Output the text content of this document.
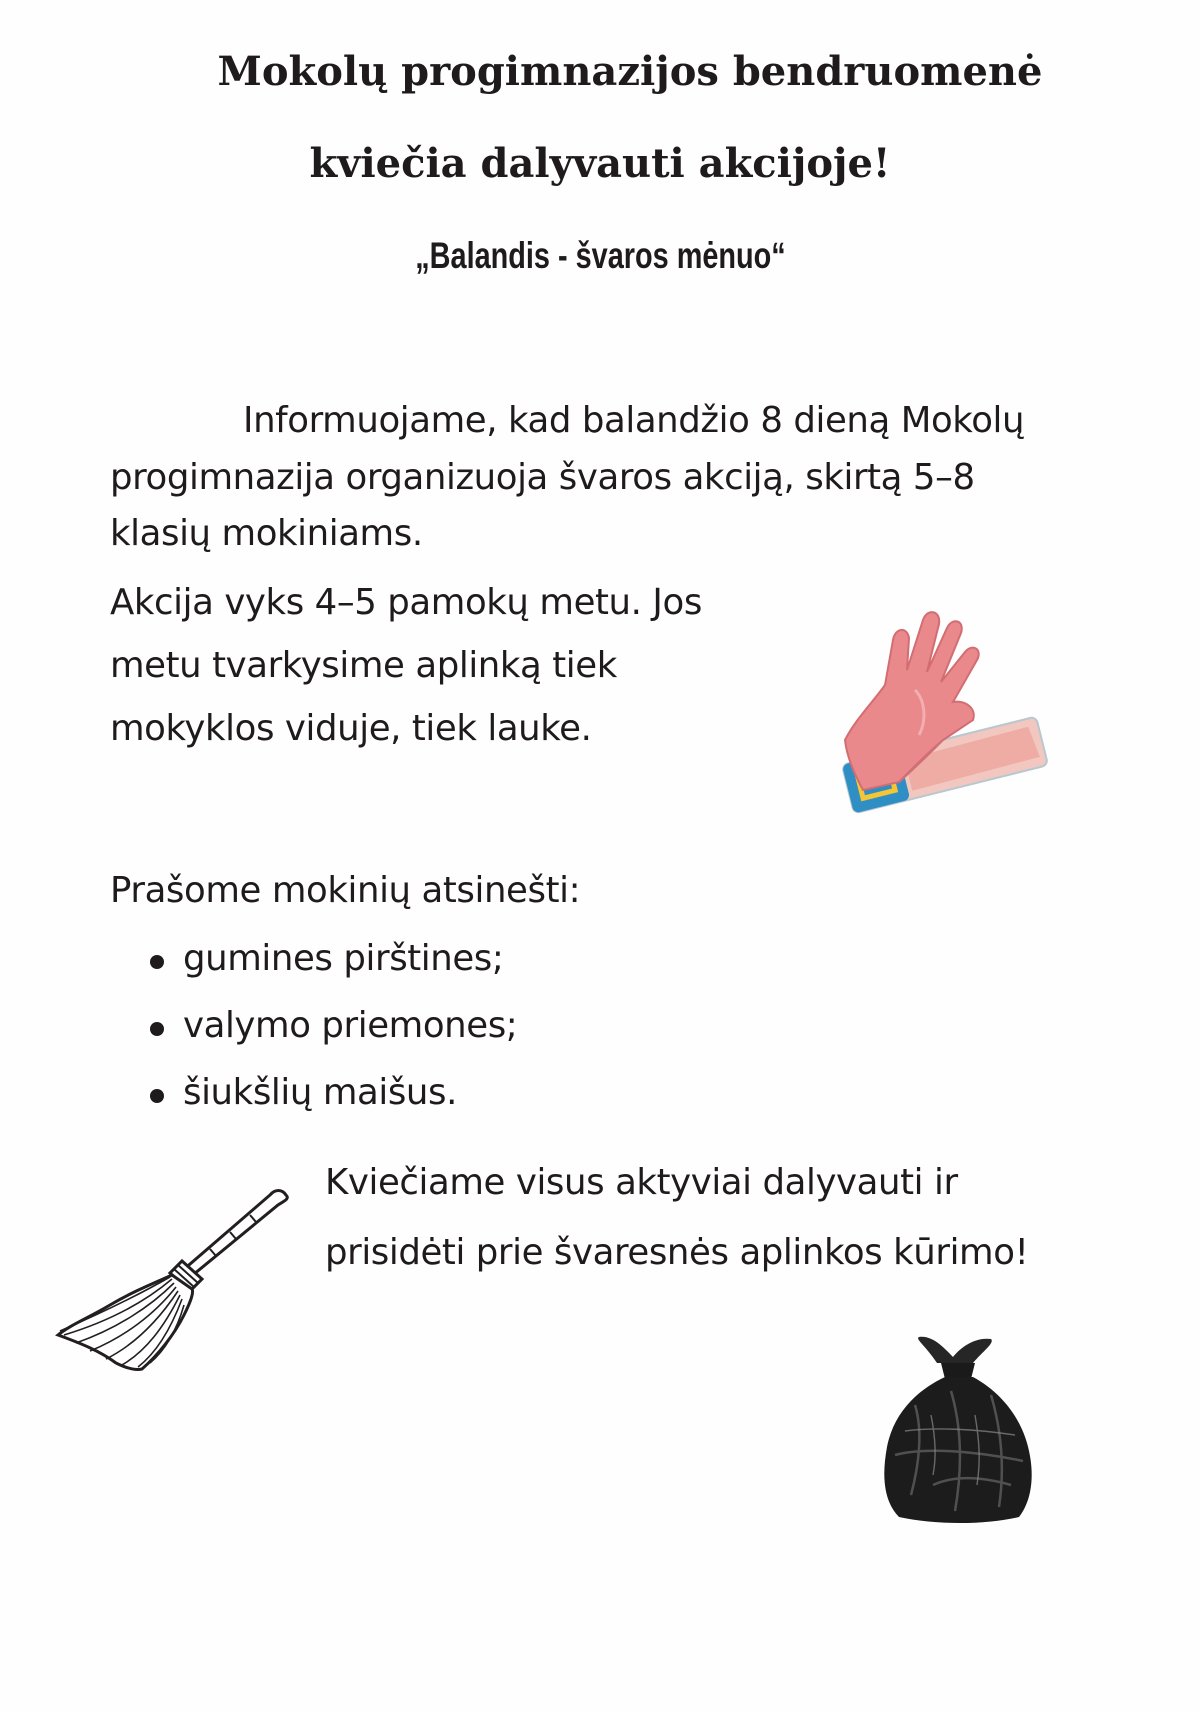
Mokolų progimnazijos bendruomenė
kviečia dalyvauti akcijoje!
„Balandis - švaros mėnuo“

Informuojame, kad balandžio 8 dieną Mokolų

progimnazija organizuoja švaros akciją, skirtą 5–8

klasių mokiniams.

Akcija vyks 4–5 pamokų metu. Jos

metu tvarkysime aplinką tiek

mokyklos viduje, tiek lauke.

Prašome mokinių atsinešti:

gumines pirštines;
valymo priemones;
šiukšlių maišus.

Kviečiame visus aktyviai dalyvauti ir

prisidėti prie švaresnės aplinkos kūrimo!
